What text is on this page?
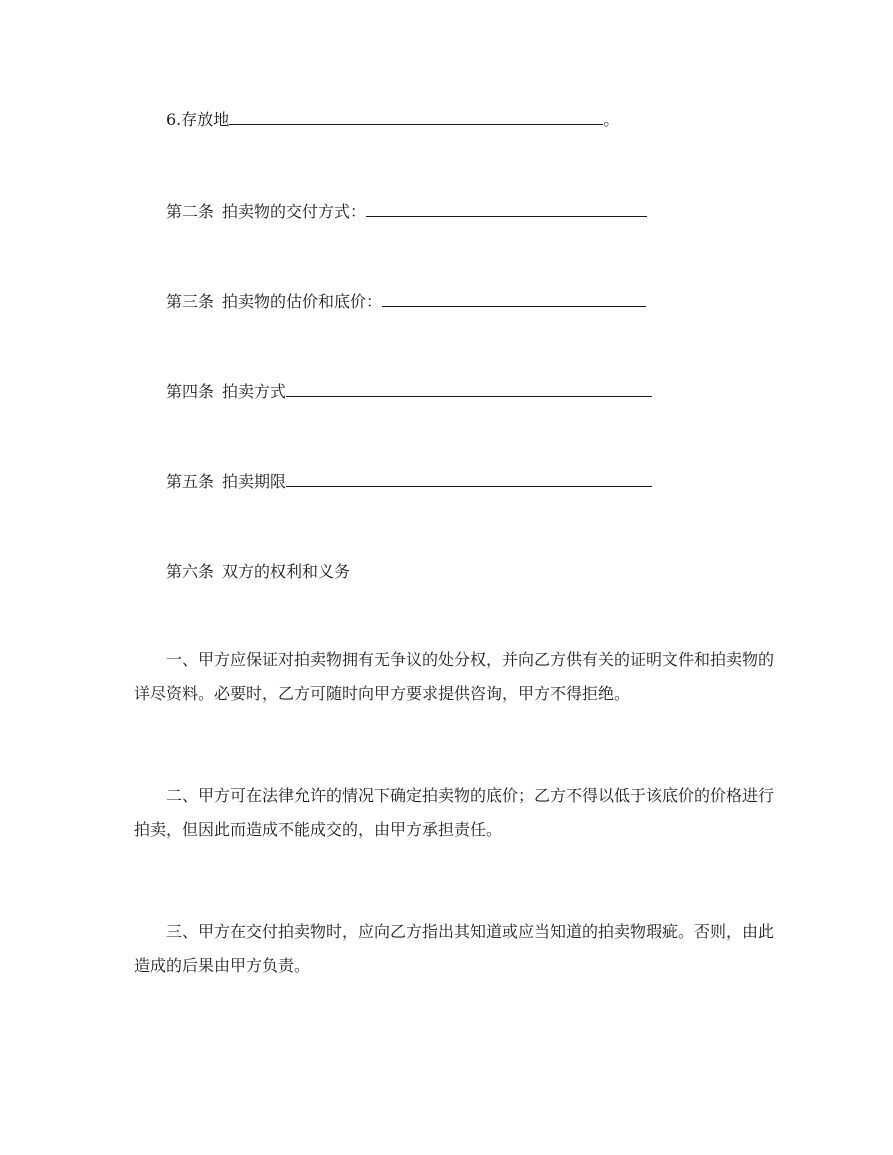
6.存放地	。
第二条 拍卖物的交付方式：
第三条 拍卖物的估价和底价：
第四条 拍卖方式
第五条 拍卖期限
第六条 双方的权利和义务
一、甲方应保证对拍卖物拥有无争议的处分权，并向乙方供有关的证明文件和拍卖物的详尽资料。必要时，乙方可随时向甲方要求提供咨询，甲方不得拒绝。
二、甲方可在法律允许的情况下确定拍卖物的底价；乙方不得以低于该底价的价格进行拍卖，但因此而造成不能成交的，由甲方承担责任。
三、甲方在交付拍卖物时，应向乙方指出其知道或应当知道的拍卖物瑕疵。否则，由此造成的后果由甲方负责。
